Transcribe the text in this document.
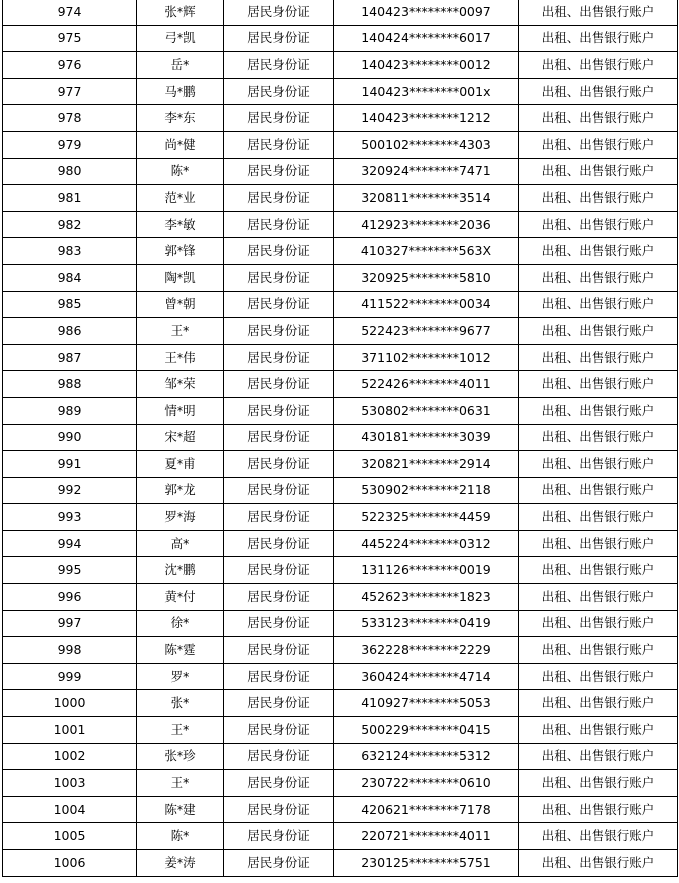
974	张*辉	居民身份证	140423********0097	出租、出售银行账户
975	弓*凯	居民身份证	140424********6017	出租、出售银行账户
976	岳*	居民身份证	140423********0012	出租、出售银行账户
977	马*鹏	居民身份证	140423********001x	出租、出售银行账户
978	李*东	居民身份证	140423********1212	出租、出售银行账户
979	尚*健	居民身份证	500102********4303	出租、出售银行账户
980	陈*	居民身份证	320924********7471	出租、出售银行账户
981	范*业	居民身份证	320811********3514	出租、出售银行账户
982	李*敏	居民身份证	412923********2036	出租、出售银行账户
983	郭*锋	居民身份证	410327********563X	出租、出售银行账户
984	陶*凯	居民身份证	320925********5810	出租、出售银行账户
985	曾*朝	居民身份证	411522********0034	出租、出售银行账户
986	王*	居民身份证	522423********9677	出租、出售银行账户
987	王*伟	居民身份证	371102********1012	出租、出售银行账户
988	邹*荣	居民身份证	522426********4011	出租、出售银行账户
989	情*明	居民身份证	530802********0631	出租、出售银行账户
990	宋*超	居民身份证	430181********3039	出租、出售银行账户
991	夏*甫	居民身份证	320821********2914	出租、出售银行账户
992	郭*龙	居民身份证	530902********2118	出租、出售银行账户
993	罗*海	居民身份证	522325********4459	出租、出售银行账户
994	高*	居民身份证	445224********0312	出租、出售银行账户
995	沈*鹏	居民身份证	131126********0019	出租、出售银行账户
996	黄*付	居民身份证	452623********1823	出租、出售银行账户
997	徐*	居民身份证	533123********0419	出租、出售银行账户
998	陈*霆	居民身份证	362228********2229	出租、出售银行账户
999	罗*	居民身份证	360424********4714	出租、出售银行账户
1000	张*	居民身份证	410927********5053	出租、出售银行账户
1001	王*	居民身份证	500229********0415	出租、出售银行账户
1002	张*珍	居民身份证	632124********5312	出租、出售银行账户
1003	王*	居民身份证	230722********0610	出租、出售银行账户
1004	陈*建	居民身份证	420621********7178	出租、出售银行账户
1005	陈*	居民身份证	220721********4011	出租、出售银行账户
1006	姜*涛	居民身份证	230125********5751	出租、出售银行账户
